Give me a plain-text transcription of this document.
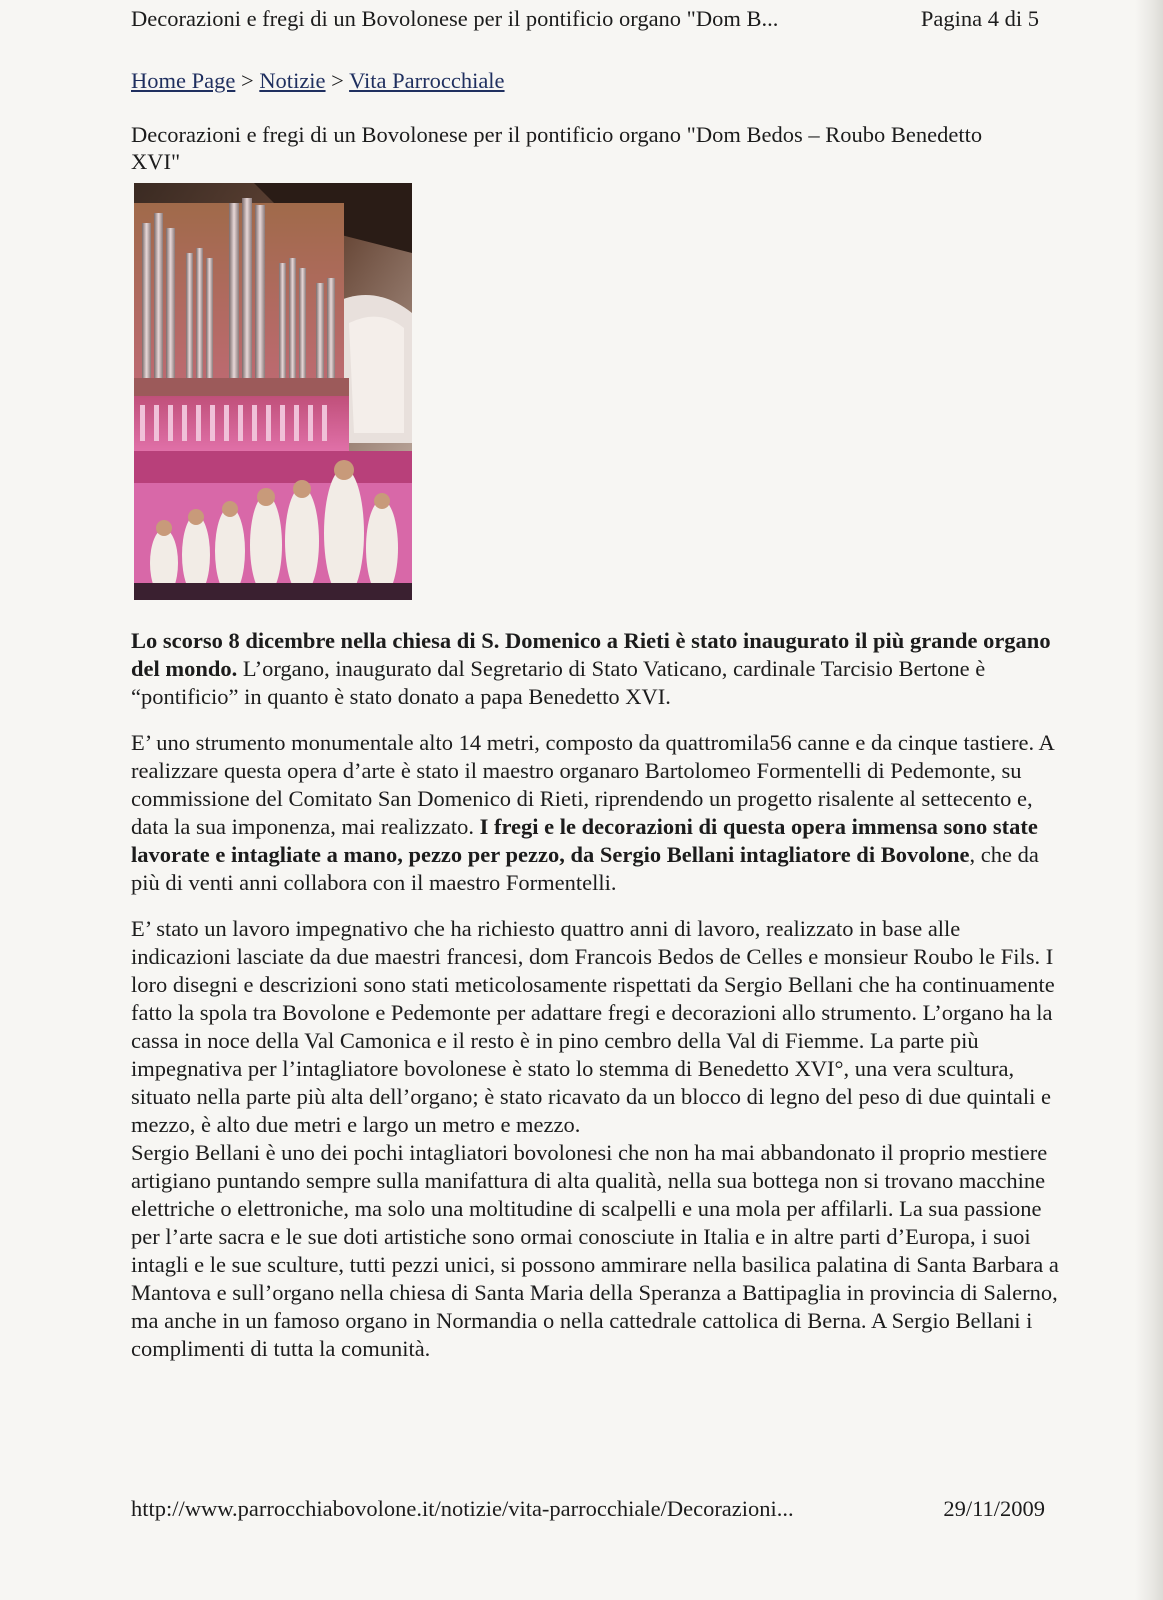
Decorazioni e fregi di un Bovolonese per il pontificio organo "Dom B...	Pagina 4 di 5
Home Page > Notizie > Vita Parrocchiale
Decorazioni e fregi di un Bovolonese per il pontificio organo "Dom Bedos – Roubo Benedetto XVI"

Lo scorso 8 dicembre nella chiesa di S. Domenico a Rieti è stato inaugurato il più grande organo del mondo. L’organo, inaugurato dal Segretario di Stato Vaticano, cardinale Tarcisio Bertone è “pontificio” in quanto è stato donato a papa Benedetto XVI.

E’ uno strumento monumentale alto 14 metri, composto da quattromila56 canne e da cinque tastiere. A realizzare questa opera d’arte è stato il maestro organaro Bartolomeo Formentelli di Pedemonte, su commissione del Comitato San Domenico di Rieti, riprendendo un progetto risalente al settecento e, data la sua imponenza, mai realizzato. I fregi e le decorazioni di questa opera immensa sono state lavorate e intagliate a mano, pezzo per pezzo, da Sergio Bellani intagliatore di Bovolone, che da più di venti anni collabora con il maestro Formentelli.

E’ stato un lavoro impegnativo che ha richiesto quattro anni di lavoro, realizzato in base alle indicazioni lasciate da due maestri francesi, dom Francois Bedos de Celles e monsieur Roubo le Fils. I loro disegni e descrizioni sono stati meticolosamente rispettati da Sergio Bellani che ha continuamente fatto la spola tra Bovolone e Pedemonte per adattare fregi e decorazioni allo strumento. L’organo ha la cassa in noce della Val Camonica e il resto è in pino cembro della Val di Fiemme. La parte più impegnativa per l’intagliatore bovolonese è stato lo stemma di Benedetto XVI°, una vera scultura, situato nella parte più alta dell’organo; è stato ricavato da un blocco di legno del peso di due quintali e mezzo, è alto due metri e largo un metro e mezzo.

Sergio Bellani è uno dei pochi intagliatori bovolonesi che non ha mai abbandonato il proprio mestiere artigiano puntando sempre sulla manifattura di alta qualità, nella sua bottega non si trovano macchine elettriche o elettroniche, ma solo una moltitudine di scalpelli e una mola per affilarli. La sua passione per l’arte sacra e le sue doti artistiche sono ormai conosciute in Italia e in altre parti d’Europa, i suoi intagli e le sue sculture, tutti pezzi unici, si possono ammirare nella basilica palatina di Santa Barbara a Mantova e sull’organo nella chiesa di Santa Maria della Speranza a Battipaglia in provincia di Salerno, ma anche in un famoso organo in Normandia o nella cattedrale cattolica di Berna. A Sergio Bellani i complimenti di tutta la comunità.

http://www.parrocchiabovolone.it/notizie/vita-parrocchiale/Decorazioni...	29/11/2009
